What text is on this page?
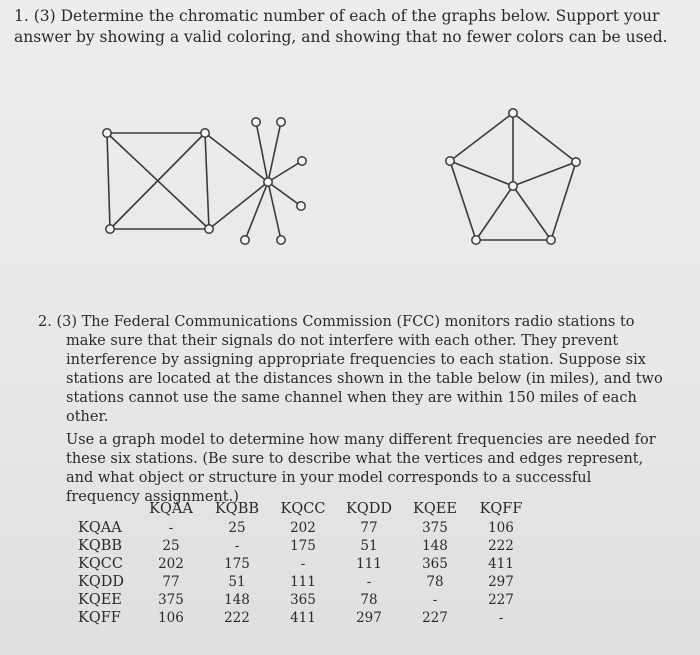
1. (3) Determine the chromatic number of each of the graphs below. Support your answer by showing a valid coloring, and showing that no fewer colors can be used.

2. (3) The Federal Communications Commission (FCC) monitors radio stations to make sure that their signals do not interfere with each other. They prevent interference by assigning appropriate frequencies to each station. Suppose six stations are located at the distances shown in the table below (in miles), and two stations cannot use the same channel when they are within 150 miles of each other.

Use a graph model to determine how many different frequencies are needed for these six stations. (Be sure to describe what the vertices and edges represent, and what object or structure in your model corresponds to a successful frequency assignment.)

	KQAA	KQBB	KQCC	KQDD	KQEE	KQFF
KQAA	-	25	202	77	375	106
KQBB	25	-	175	51	148	222
KQCC	202	175	-	111	365	411
KQDD	77	51	111	-	78	297
KQEE	375	148	365	78	-	227
KQFF	106	222	411	297	227	-
